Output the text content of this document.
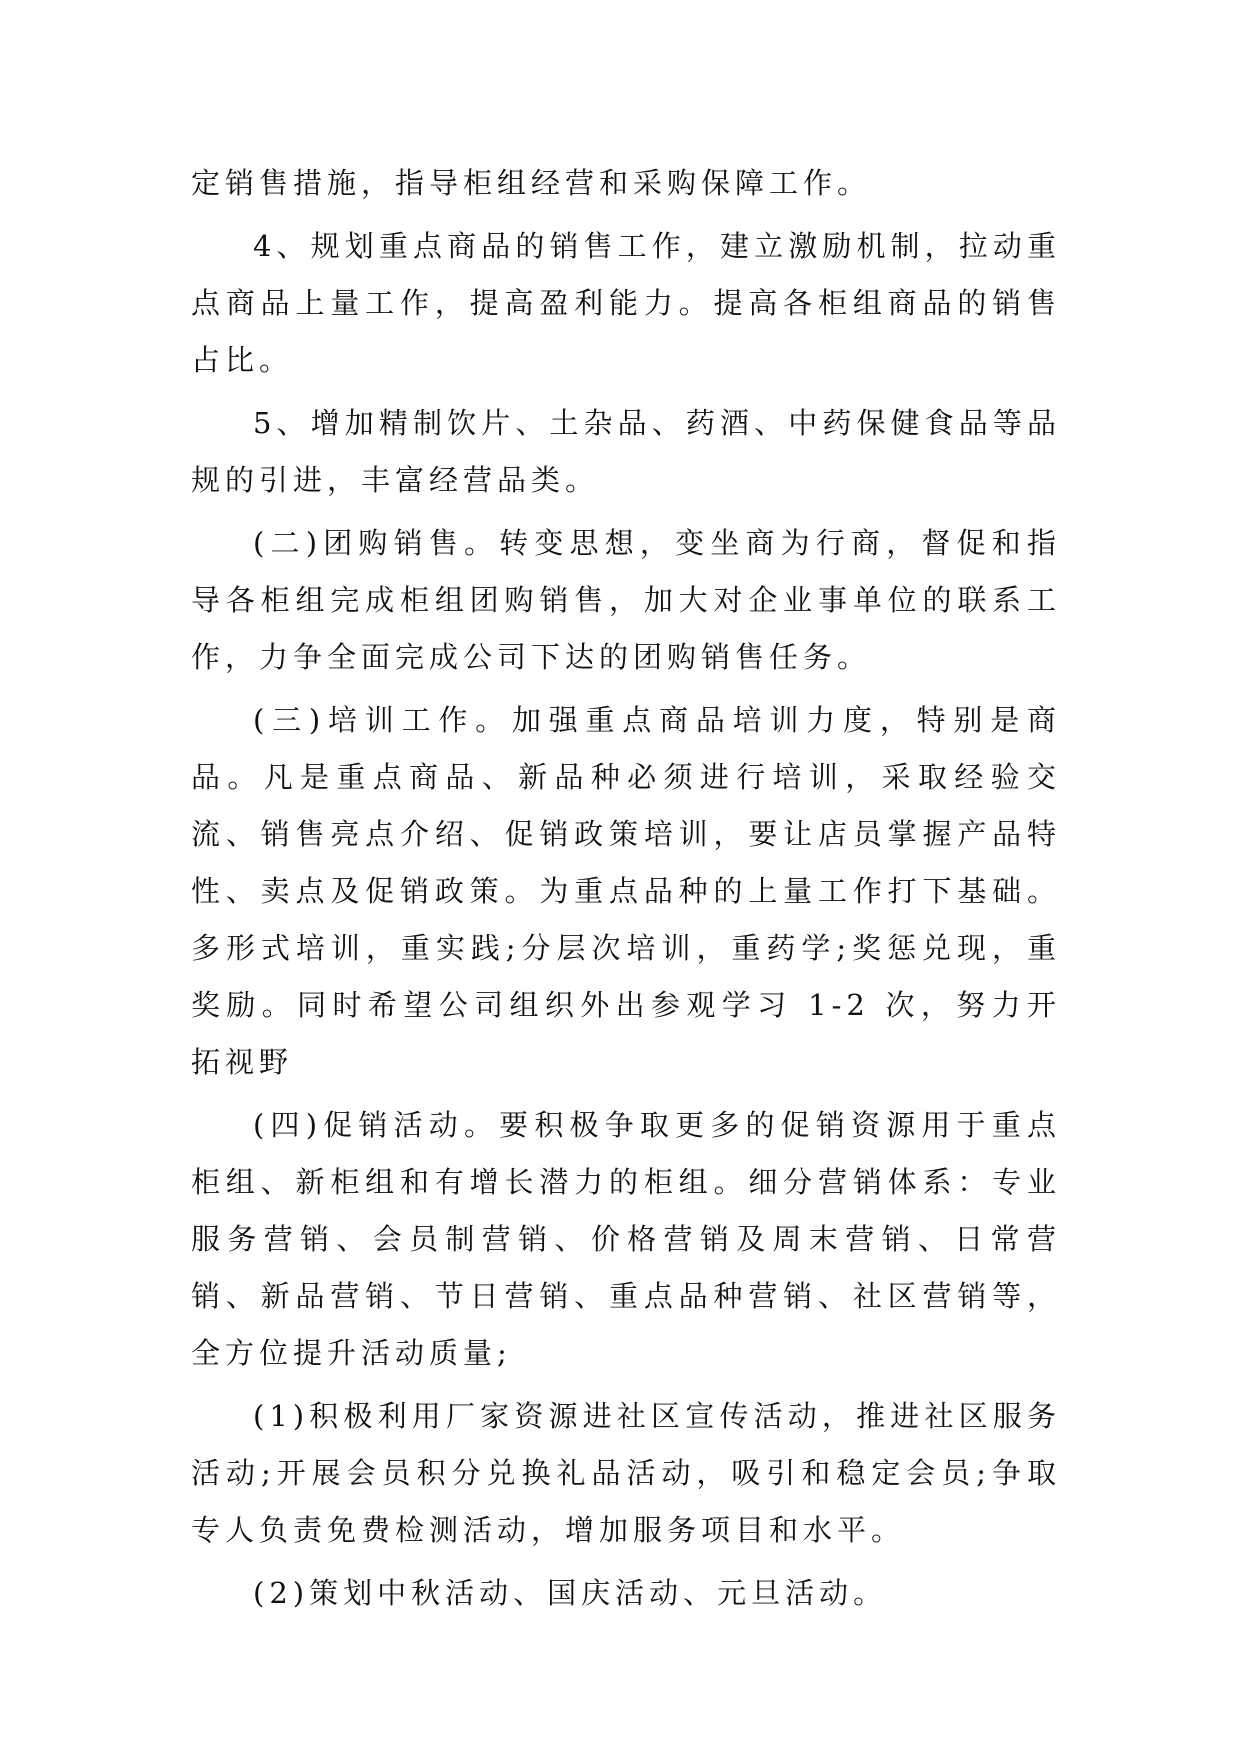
定销售措施，指导柜组经营和采购保障工作。

4、规划重点商品的销售工作，建立激励机制，拉动重点商品上量工作，提高盈利能力。提高各柜组商品的销售占比。

5、增加精制饮片、土杂品、药酒、中药保健食品等品规的引进，丰富经营品类。

(二)团购销售。转变思想，变坐商为行商，督促和指导各柜组完成柜组团购销售，加大对企业事单位的联系工作，力争全面完成公司下达的团购销售任务。

(三)培训工作。加强重点商品培训力度，特别是商品。凡是重点商品、新品种必须进行培训，采取经验交流、销售亮点介绍、促销政策培训，要让店员掌握产品特性、卖点及促销政策。为重点品种的上量工作打下基础。多形式培训，重实践;分层次培训，重药学;奖惩兑现，重奖励。同时希望公司组织外出参观学习 1-2 次，努力开拓视野

(四)促销活动。要积极争取更多的促销资源用于重点柜组、新柜组和有增长潜力的柜组。细分营销体系：专业服务营销、会员制营销、价格营销及周末营销、日常营销、新品营销、节日营销、重点品种营销、社区营销等，全方位提升活动质量;

(1)积极利用厂家资源进社区宣传活动，推进社区服务活动;开展会员积分兑换礼品活动，吸引和稳定会员;争取专人负责免费检测活动，增加服务项目和水平。

(2)策划中秋活动、国庆活动、元旦活动。
